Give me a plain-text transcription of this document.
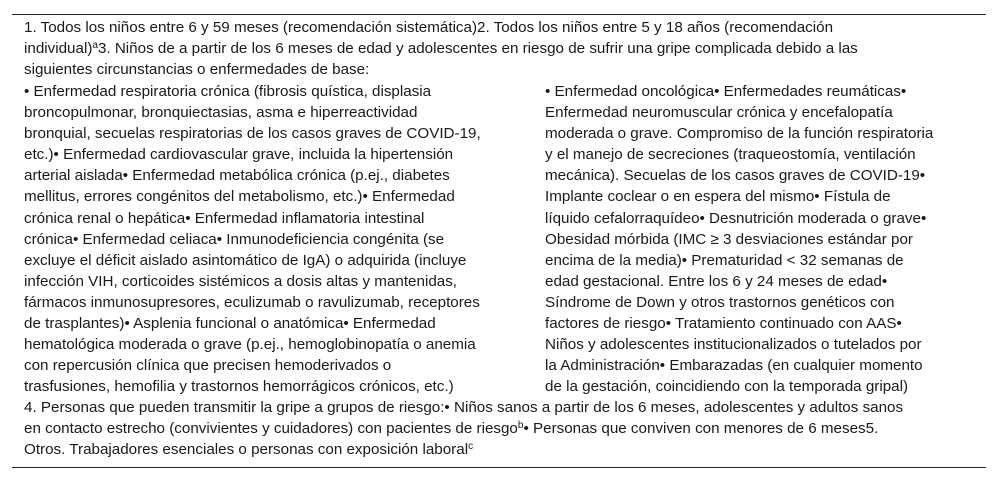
1. Todos los niños entre 6 y 59 meses (recomendación sistemática)2. Todos los niños entre 5 y 18 años (recomendación
individual)$^a$3. Niños de a partir de los 6 meses de edad y adolescentes en riesgo de sufrir una gripe complicada debido a las
siguientes circunstancias o enfermedades de base:
• Enfermedad respiratoria crónica (fibrosis quística, displasia
broncopulmonar, bronquiectasias, asma e hiperreactividad
bronquial, secuelas respiratorias de los casos graves de COVID-19,
etc.)• Enfermedad cardiovascular grave, incluida la hipertensión
arterial aislada• Enfermedad metabólica crónica (p.ej., diabetes
mellitus, errores congénitos del metabolismo, etc.)• Enfermedad
crónica renal o hepática• Enfermedad inflamatoria intestinal
crónica• Enfermedad celiaca• Inmunodeficiencia congénita (se
excluye el déficit aislado asintomático de IgA) o adquirida (incluye
infección VIH, corticoides sistémicos a dosis altas y mantenidas,
fármacos inmunosupresores, eculizumab o ravulizumab, receptores
de trasplantes)• Asplenia funcional o anatómica• Enfermedad
hematológica moderada o grave (p.ej., hemoglobinopatía o anemia
con repercusión clínica que precisen hemoderivados o
trasfusiones, hemofilia y trastornos hemorrágicos crónicos, etc.)
• Enfermedad oncológica• Enfermedades reumáticas•
Enfermedad neuromuscular crónica y encefalopatía
moderada o grave. Compromiso de la función respiratoria
y el manejo de secreciones (traqueostomía, ventilación
mecánica). Secuelas de los casos graves de COVID-19•
Implante coclear o en espera del mismo• Fístula de
líquido cefalorraquídeo• Desnutrición moderada o grave•
Obesidad mórbida (IMC ≥ 3 desviaciones estándar por
encima de la media)• Prematuridad < 32 semanas de
edad gestacional. Entre los 6 y 24 meses de edad•
Síndrome de Down y otros trastornos genéticos con
factores de riesgo• Tratamiento continuado con AAS•
Niños y adolescentes institucionalizados o tutelados por
la Administración• Embarazadas (en cualquier momento
de la gestación, coincidiendo con la temporada gripal)
4. Personas que pueden transmitir la gripe a grupos de riesgo:• Niños sanos a partir de los 6 meses, adolescentes y adultos sanos
en contacto estrecho (convivientes y cuidadores) con pacientes de riesgo$^b$• Personas que conviven con menores de 6 meses5.
Otros. Trabajadores esenciales o personas con exposición laboral$^c$
